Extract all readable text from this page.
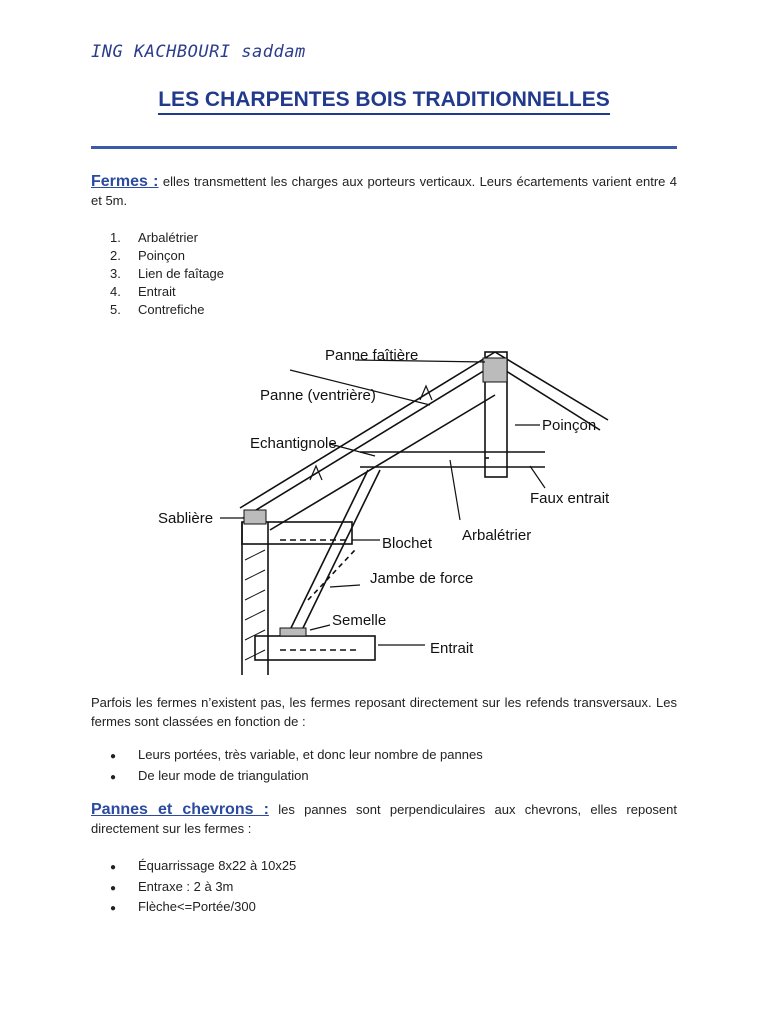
ING KACHBOURI saddam
LES CHARPENTES BOIS TRADITIONNELLES
Fermes : elles transmettent les charges aux porteurs verticaux. Leurs écartements varient entre 4 et 5m.
1. Arbalétrier
2. Poinçon
3. Lien de faîtage
4. Entrait
5. Contrefiche
Panne faîtière
Panne (ventrière)
Echantignole
Poinçon
Faux entrait
Sablière
Arbalétrier
Blochet
Jambe de force
Semelle
Entrait
Parfois les fermes n’existent pas, les fermes reposant directement sur les refends transversaux. Les fermes sont classées en fonction de :
● Leurs portées, très variable, et donc leur nombre de pannes
● De leur mode de triangulation
Pannes et chevrons : les pannes sont perpendiculaires aux chevrons, elles reposent directement sur les fermes :
● Équarrissage 8x22 à 10x25
● Entraxe : 2 à 3m
● Flèche<=Portée/300
